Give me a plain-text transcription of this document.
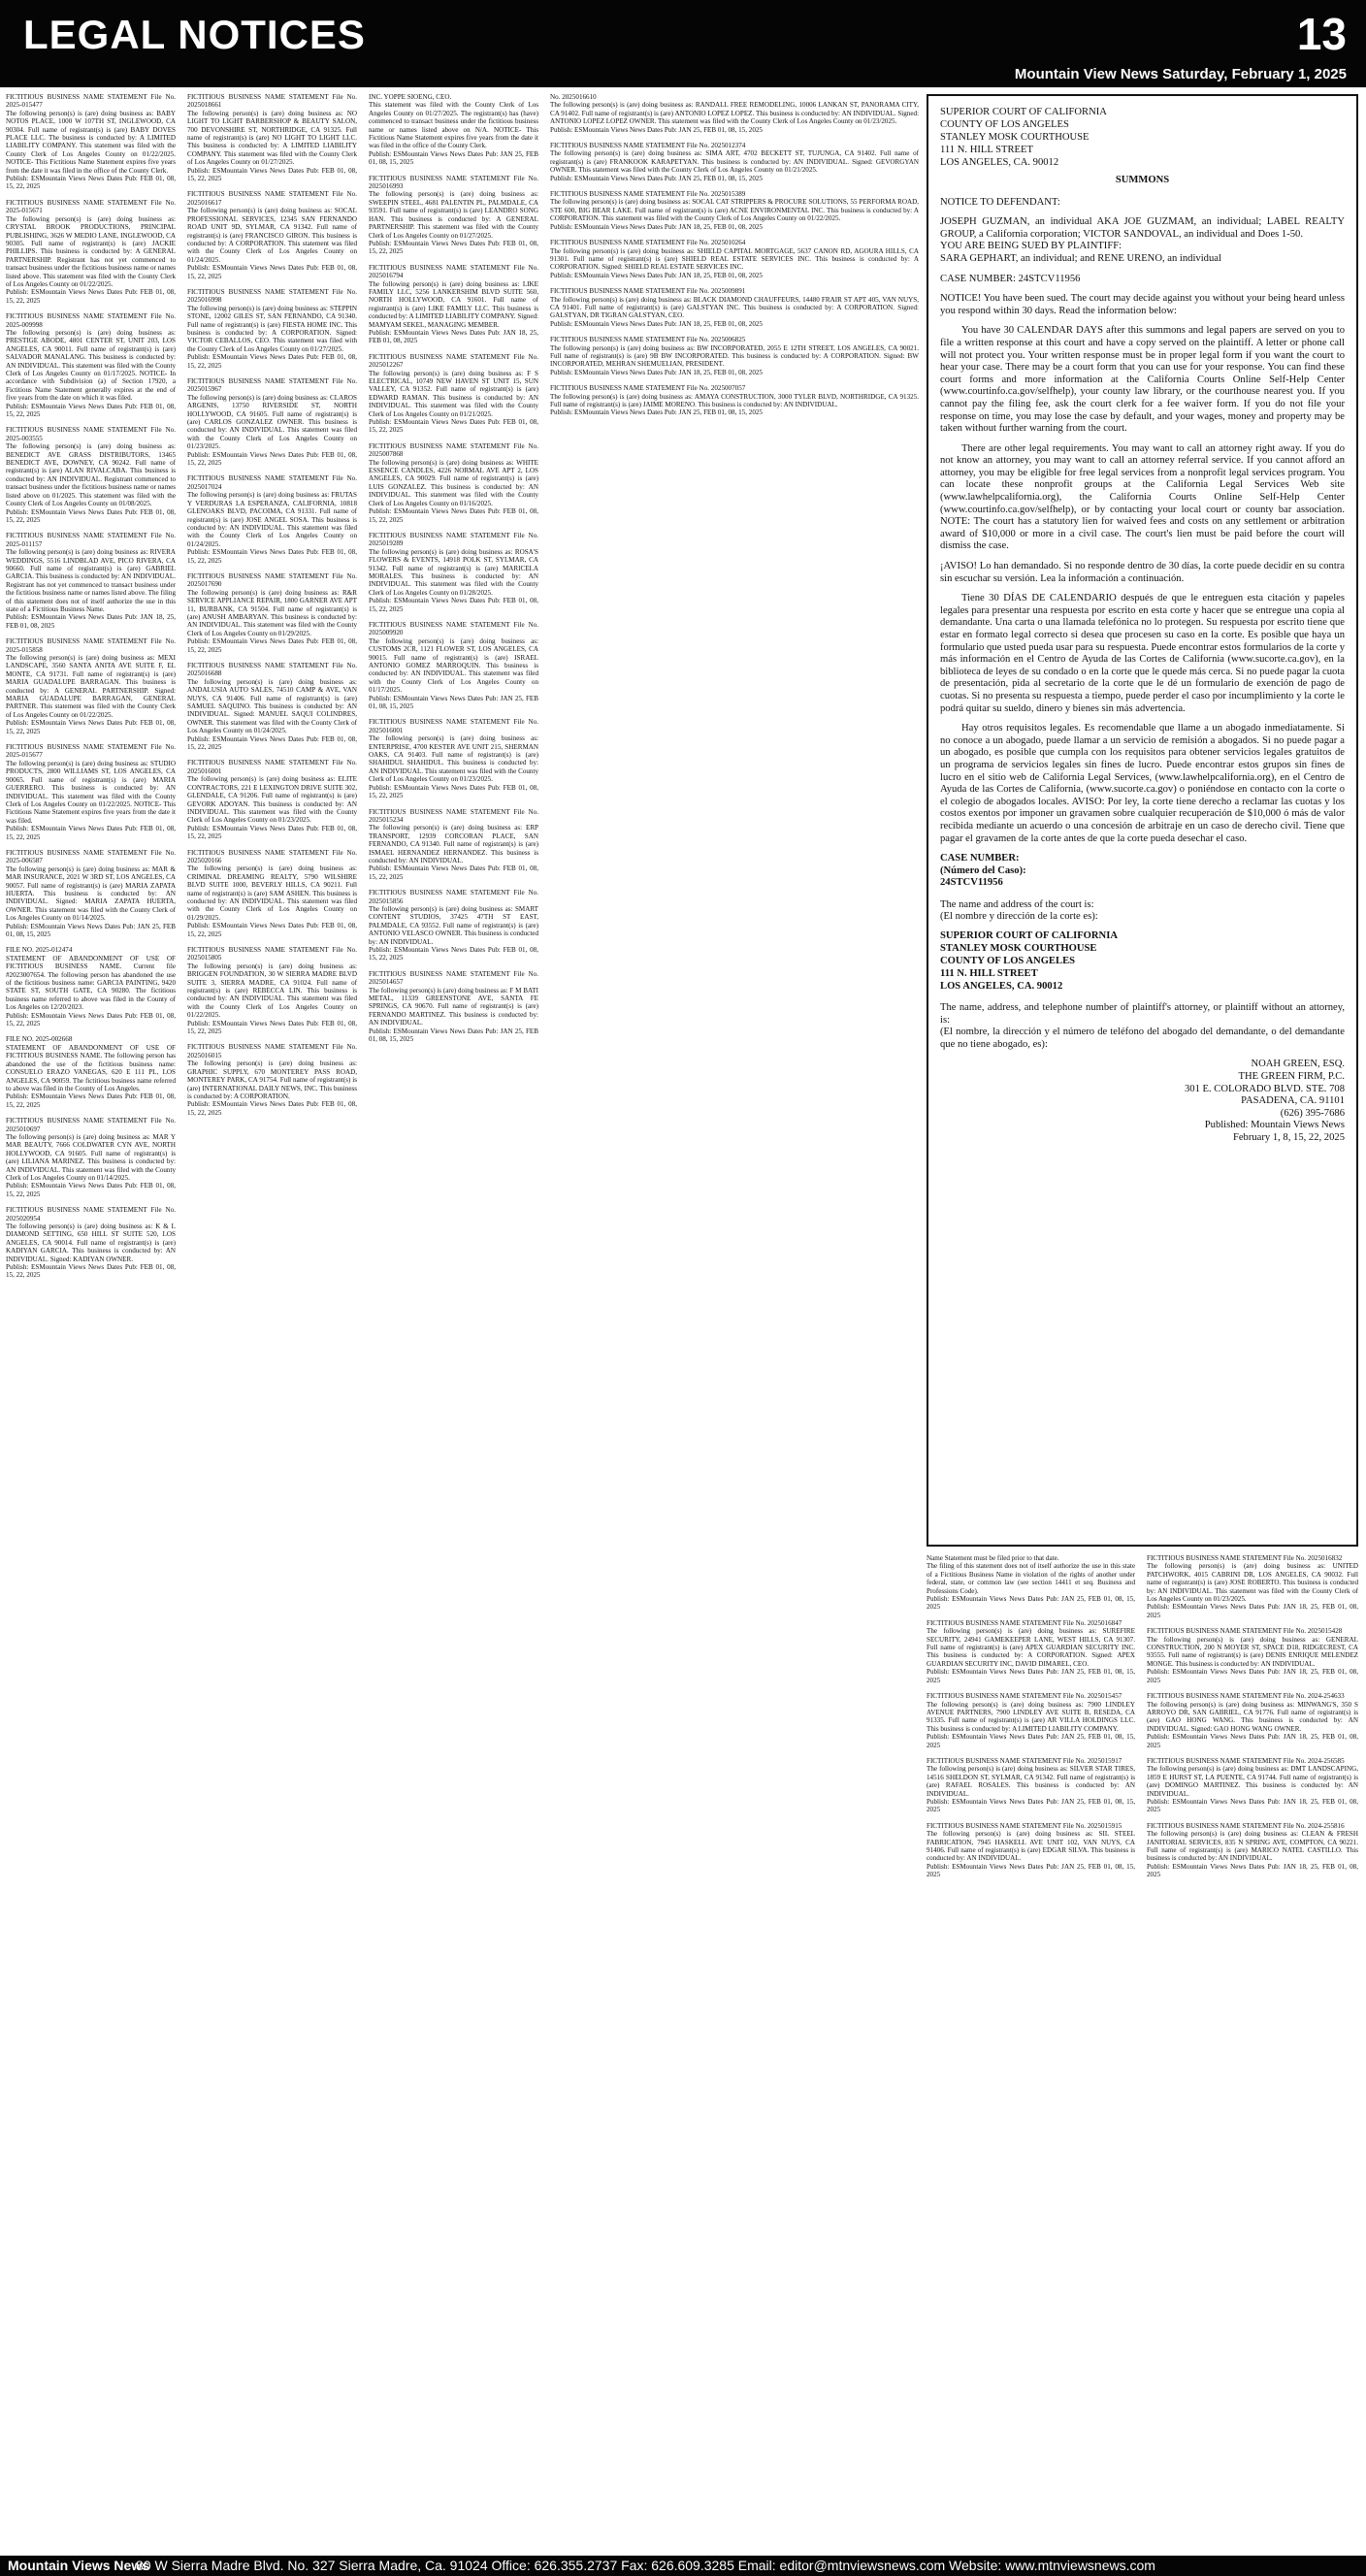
LEGAL NOTICES	13
Mountain View News Saturday, February 1, 2025
FICTITIOUS BUSINESS NAME STATEMENT File No. 2025-015477
The following person(s) is (are) doing business as: BABY NOTOS PLACE, 1000 W 107TH ST, INGLEWOOD, CA 90304. Full name of registrant(s) is (are) BABY DOVES PLACE LLC. The business is conducted by: A LIMITED LIABILITY COMPANY. This statement was filed with the County Clerk of Los Angeles County on 01/22/2025. NOTICE- This Fictitious Name Statement expires five years from the date it was filed in the office of the County Clerk.
Publish: ESMountain Views News Dates Pub: FEB 01, 08, 15, 22, 2025
FICTITIOUS BUSINESS NAME STATEMENT File No. 2025-015671
The following person(s) is (are) doing business as: CRYSTAL BROOK PRODUCTIONS, PRINCIPAL PUBLISHING, 3626 W MEDIO LANE, INGLEWOOD, CA 90305. Full name of registrant(s) is (are) JACKIE PHILLIPS. This business is conducted by: A GENERAL PARTNERSHIP. Registrant has not yet commenced to transact business under the fictitious business name or names listed above. This statement was filed with the County Clerk of Los Angeles County on 01/22/2025.
Publish: ESMountain Views News Dates Pub: FEB 01, 08, 15, 22, 2025
FICTITIOUS BUSINESS NAME STATEMENT File No. 2025-009998
The following person(s) is (are) doing business as: PRESTIGE ABODE, 4801 CENTER ST, UNIT 203, LOS ANGELES, CA 90011. Full name of registrant(s) is (are) SALVADOR MANALANG. This business is conducted by: AN INDIVIDUAL. This statement was filed with the County Clerk of Los Angeles County on 01/17/2025. NOTICE- In accordance with Subdivision (a) of Section 17920, a Fictitious Name Statement generally expires at the end of five years from the date on which it was filed.
Publish: ESMountain Views News Dates Pub: FEB 01, 08, 15, 22, 2025
FICTITIOUS BUSINESS NAME STATEMENT File No. 2025-003555
The following person(s) is (are) doing business as: BENEDICT AVE GRASS DISTRIBUTORS, 13465 BENEDICT AVE, DOWNEY, CA 90242. Full name of registrant(s) is (are) ALAN RIVALCABA. This business is conducted by: AN INDIVIDUAL. Registrant commenced to transact business under the fictitious business name or names listed above on 01/2025. This statement was filed with the County Clerk of Los Angeles County on 01/08/2025.
Publish: ESMountain Views News Dates Pub: FEB 01, 08, 15, 22, 2025
FICTITIOUS BUSINESS NAME STATEMENT File No. 2025-011157
The following person(s) is (are) doing business as: RIVERA WEDDINGS, 5516 LINDBLAD AVE, PICO RIVERA, CA 90660. Full name of registrant(s) is (are) GABRIEL GARCIA. This business is conducted by: AN INDIVIDUAL. Registrant has not yet commenced to transact business under the fictitious business name or names listed above. The filing of this statement does not of itself authorize the use in this state of a Fictitious Business Name.
Publish: ESMountain Views News Dates Pub: JAN 18, 25, FEB 01, 08, 2025
FICTITIOUS BUSINESS NAME STATEMENT File No. 2025-015858
The following person(s) is (are) doing business as: MEXI LANDSCAPE, 3560 SANTA ANITA AVE SUITE F, EL MONTE, CA 91731. Full name of registrant(s) is (are) MARIA GUADALUPE BARRAGAN. This business is conducted by: A GENERAL PARTNERSHIP. Signed: MARIA GUADALUPE BARRAGAN, GENERAL PARTNER. This statement was filed with the County Clerk of Los Angeles County on 01/22/2025.
Publish: ESMountain Views News Dates Pub: FEB 01, 08, 15, 22, 2025
FICTITIOUS BUSINESS NAME STATEMENT File No. 2025-015677
The following person(s) is (are) doing business as: STUDIO PRODUCTS, 2800 WILLIAMS ST, LOS ANGELES, CA 90065. Full name of registrant(s) is (are) MARIA GUERRERO. This business is conducted by: AN INDIVIDUAL. This statement was filed with the County Clerk of Los Angeles County on 01/22/2025. NOTICE- This Fictitious Name Statement expires five years from the date it was filed.
Publish: ESMountain Views News Dates Pub: FEB 01, 08, 15, 22, 2025
FICTITIOUS BUSINESS NAME STATEMENT File No. 2025-006587
The following person(s) is (are) doing business as: MAR & MAR INSURANCE, 2021 W 3RD ST, LOS ANGELES, CA 90057. Full name of registrant(s) is (are) MARIA ZAPATA HUERTA. This business is conducted by: AN INDIVIDUAL. Signed: MARIA ZAPATA HUERTA, OWNER. This statement was filed with the County Clerk of Los Angeles County on 01/14/2025.
Publish: ESMountain Views News Dates Pub: JAN 25, FEB 01, 08, 15, 2025
FILE NO. 2025-012474
STATEMENT OF ABANDONMENT OF USE OF FICTITIOUS BUSINESS NAME. Current file #2023007654. The following person has abandoned the use of the fictitious business name: GARCIA PAINTING, 9420 STATE ST, SOUTH GATE, CA 90280. The fictitious business name referred to above was filed in the County of Los Angeles on 12/20/2023.
Publish: ESMountain Views News Dates Pub: FEB 01, 08, 15, 22, 2025
FILE NO. 2025-002668
STATEMENT OF ABANDONMENT OF USE OF FICTITIOUS BUSINESS NAME. The following person has abandoned the use of the fictitious business name: CONSUELO ERAZO VANEGAS, 620 E 111 PL, LOS ANGELES, CA 90059. The fictitious business name referred to above was filed in the County of Los Angeles.
Publish: ESMountain Views News Dates Pub: FEB 01, 08, 15, 22, 2025
FICTITIOUS BUSINESS NAME STATEMENT File No. 2025010697
The following person(s) is (are) doing business as: MAR Y MAR BEAUTY, 7666 COLDWATER CYN AVE, NORTH HOLLYWOOD, CA 91605. Full name of registrant(s) is (are) LILIANA MARINEZ. This business is conducted by: AN INDIVIDUAL. This statement was filed with the County Clerk of Los Angeles County on 01/14/2025.
Publish: ESMountain Views News Dates Pub: FEB 01, 08, 15, 22, 2025
FICTITIOUS BUSINESS NAME STATEMENT File No. 2025020954
The following person(s) is (are) doing business as: K & L DIAMOND SETTING, 650 HILL ST SUITE 520, LOS ANGELES, CA 90014. Full name of registrant(s) is (are) KADIYAN GARCIA. This business is conducted by: AN INDIVIDUAL. Signed: KADIYAN OWNER.
Publish: ESMountain Views News Dates Pub: FEB 01, 08, 15, 22, 2025
FICTITIOUS BUSINESS NAME STATEMENT File No. 2025018661
The following person(s) is (are) doing business as: NO LIGHT TO LIGHT BARBERSHOP & BEAUTY SALON, 700 DEVONSHIRE ST, NORTHRIDGE, CA 91325. Full name of registrant(s) is (are) NO LIGHT TO LIGHT LLC. This business is conducted by: A LIMITED LIABILITY COMPANY. This statement was filed with the County Clerk of Los Angeles County on 01/27/2025.
Publish: ESMountain Views News Dates Pub: FEB 01, 08, 15, 22, 2025
FICTITIOUS BUSINESS NAME STATEMENT File No. 2025016617
The following person(s) is (are) doing business as: SOCAL PROFESSIONAL SERVICES, 12345 SAN FERNANDO ROAD UNIT 9D, SYLMAR, CA 91342. Full name of registrant(s) is (are) FRANCISCO GIRON. This business is conducted by: A CORPORATION. This statement was filed with the County Clerk of Los Angeles County on 01/24/2025.
Publish: ESMountain Views News Dates Pub: FEB 01, 08, 15, 22, 2025
FICTITIOUS BUSINESS NAME STATEMENT File No. 2025016998
The following person(s) is (are) doing business as: STEPPIN STONE, 12002 GILES ST, SAN FERNANDO, CA 91340. Full name of registrant(s) is (are) FIESTA HOME INC. This business is conducted by: A CORPORATION. Signed: VICTOR CEBALLOS, CEO. This statement was filed with the County Clerk of Los Angeles County on 01/27/2025.
Publish: ESMountain Views News Dates Pub: FEB 01, 08, 15, 22, 2025
FICTITIOUS BUSINESS NAME STATEMENT File No. 2025015967
The following person(s) is (are) doing business as: CLAROS ARGENIS, 13750 RIVERSIDE ST, NORTH HOLLYWOOD, CA 91605. Full name of registrant(s) is (are) CARLOS GONZALEZ OWNER. This business is conducted by: AN INDIVIDUAL. This statement was filed with the County Clerk of Los Angeles County on 01/23/2025.
Publish: ESMountain Views News Dates Pub: FEB 01, 08, 15, 22, 2025
FICTITIOUS BUSINESS NAME STATEMENT File No. 2025017024
The following person(s) is (are) doing business as: FRUTAS Y VERDURAS LA ESPERANZA, CALIFORNIA, 10818 GLENOAKS BLVD, PACOIMA, CA 91331. Full name of registrant(s) is (are) JOSE ANGEL SOSA. This business is conducted by: AN INDIVIDUAL. This statement was filed with the County Clerk of Los Angeles County on 01/24/2025.
Publish: ESMountain Views News Dates Pub: FEB 01, 08, 15, 22, 2025
FICTITIOUS BUSINESS NAME STATEMENT File No. 2025017690
The following person(s) is (are) doing business as: R&R SERVICE APPLIANCE REPAIR, 1800 GARNER AVE APT 11, BURBANK, CA 91504. Full name of registrant(s) is (are) ANUSH AMBARYAN. This business is conducted by: AN INDIVIDUAL. This statement was filed with the County Clerk of Los Angeles County on 01/29/2025.
Publish: ESMountain Views News Dates Pub: FEB 01, 08, 15, 22, 2025
FICTITIOUS BUSINESS NAME STATEMENT File No. 2025016688
The following person(s) is (are) doing business as: ANDALUSIA AUTO SALES, 74510 CAMP & AVE, VAN NUYS, CA 91406. Full name of registrant(s) is (are) SAMUEL SAQUINO. This business is conducted by: AN INDIVIDUAL. Signed: MANUEL SAQUI COLINDRES, OWNER. This statement was filed with the County Clerk of Los Angeles County on 01/24/2025.
Publish: ESMountain Views News Dates Pub: FEB 01, 08, 15, 22, 2025
FICTITIOUS BUSINESS NAME STATEMENT File No. 2025016001
The following person(s) is (are) doing business as: ELITE CONTRACTORS, 221 E LEXINGTON DRIVE SUITE 302, GLENDALE, CA 91206. Full name of registrant(s) is (are) GEVORK ADOYAN. This business is conducted by: AN INDIVIDUAL. This statement was filed with the County Clerk of Los Angeles County on 01/23/2025.
Publish: ESMountain Views News Dates Pub: FEB 01, 08, 15, 22, 2025
FICTITIOUS BUSINESS NAME STATEMENT File No. 2025020166
The following person(s) is (are) doing business as: CRIMINAL DREAMING REALTY, 5790 WILSHIRE BLVD SUITE 1000, BEVERLY HILLS, CA 90211. Full name of registrant(s) is (are) SAM ASHEN. This business is conducted by: AN INDIVIDUAL. This statement was filed with the County Clerk of Los Angeles County on 01/29/2025.
Publish: ESMountain Views News Dates Pub: FEB 01, 08, 15, 22, 2025
FICTITIOUS BUSINESS NAME STATEMENT File No. 2025015805
The following person(s) is (are) doing business as: BRIGGEN FOUNDATION, 30 W SIERRA MADRE BLVD SUITE 3, SIERRA MADRE, CA 91024. Full name of registrant(s) is (are) REBECCA LIN. This business is conducted by: AN INDIVIDUAL. This statement was filed with the County Clerk of Los Angeles County on 01/22/2025.
Publish: ESMountain Views News Dates Pub: FEB 01, 08, 15, 22, 2025
FICTITIOUS BUSINESS NAME STATEMENT File No. 2025016015
The following person(s) is (are) doing business as: GRAPHIC SUPPLY, 670 MONTEREY PASS ROAD, MONTEREY PARK, CA 91754. Full name of registrant(s) is (are) INTERNATIONAL DAILY NEWS, INC. This business is conducted by: A CORPORATION.
Publish: ESMountain Views News Dates Pub: FEB 01, 08, 15, 22, 2025
INC. YOPPE SIOENG, CEO.
This statement was filed with the County Clerk of Los Angeles County on 01/27/2025. The registrant(s) has (have) commenced to transact business under the fictitious business name or names listed above on N/A. NOTICE- This Fictitious Name Statement expires five years from the date it was filed in the office of the County Clerk.
Publish: ESMountain Views News Dates Pub: JAN 25, FEB 01, 08, 15, 2025
FICTITIOUS BUSINESS NAME STATEMENT File No. 2025016993
The following person(s) is (are) doing business as: SWEEPIN STEEL, 4681 PALENTIN PL, PALMDALE, CA 93591. Full name of registrant(s) is (are) LEANDRO SONG HAN. This business is conducted by: A GENERAL PARTNERSHIP. This statement was filed with the County Clerk of Los Angeles County on 01/27/2025.
Publish: ESMountain Views News Dates Pub: FEB 01, 08, 15, 22, 2025
FICTITIOUS BUSINESS NAME STATEMENT File No. 2025016794
The following person(s) is (are) doing business as: LIKE FAMILY LLC, 5256 LANKERSHIM BLVD SUITE 560, NORTH HOLLYWOOD, CA 91601. Full name of registrant(s) is (are) LIKE FAMILY LLC. This business is conducted by: A LIMITED LIABILITY COMPANY. Signed: MAMYAM SEKEL, MANAGING MEMBER.
Publish: ESMountain Views News Dates Pub: JAN 18, 25, FEB 01, 08, 2025
FICTITIOUS BUSINESS NAME STATEMENT File No. 2025012267
The following person(s) is (are) doing business as: F S ELECTRICAL, 10749 NEW HAVEN ST UNIT 15, SUN VALLEY, CA 91352. Full name of registrant(s) is (are) EDWARD RAMAN. This business is conducted by: AN INDIVIDUAL. This statement was filed with the County Clerk of Los Angeles County on 01/21/2025.
Publish: ESMountain Views News Dates Pub: FEB 01, 08, 15, 22, 2025
FICTITIOUS BUSINESS NAME STATEMENT File No. 2025007868
The following person(s) is (are) doing business as: WHITE ESSENCE CANDLES, 4226 NORMAL AVE APT 2, LOS ANGELES, CA 90029. Full name of registrant(s) is (are) LUIS GONZALEZ. This business is conducted by: AN INDIVIDUAL. This statement was filed with the County Clerk of Los Angeles County on 01/16/2025.
Publish: ESMountain Views News Dates Pub: FEB 01, 08, 15, 22, 2025
FICTITIOUS BUSINESS NAME STATEMENT File No. 2025019289
The following person(s) is (are) doing business as: ROSA'S FLOWERS & EVENTS, 14918 POLK ST, SYLMAR, CA 91342. Full name of registrant(s) is (are) MARICELA MORALES. This business is conducted by: AN INDIVIDUAL. This statement was filed with the County Clerk of Los Angeles County on 01/28/2025.
Publish: ESMountain Views News Dates Pub: FEB 01, 08, 15, 22, 2025
FICTITIOUS BUSINESS NAME STATEMENT File No. 2025009920
The following person(s) is (are) doing business as: CUSTOMS 2CR, 1121 FLOWER ST, LOS ANGELES, CA 90015. Full name of registrant(s) is (are) ISRAEL ANTONIO GOMEZ MARROQUIN. This business is conducted by: AN INDIVIDUAL. This statement was filed with the County Clerk of Los Angeles County on 01/17/2025.
Publish: ESMountain Views News Dates Pub: JAN 25, FEB 01, 08, 15, 2025
FICTITIOUS BUSINESS NAME STATEMENT File No. 2025016001
The following person(s) is (are) doing business as: ENTERPRISE, 4700 KESTER AVE UNIT 215, SHERMAN OAKS, CA 91403. Full name of registrant(s) is (are) SHAHIDUL SHAHIDUL. This business is conducted by: AN INDIVIDUAL. This statement was filed with the County Clerk of Los Angeles County on 01/23/2025.
Publish: ESMountain Views News Dates Pub: FEB 01, 08, 15, 22, 2025
FICTITIOUS BUSINESS NAME STATEMENT File No. 2025015234
The following person(s) is (are) doing business as: ERP TRANSPORT, 12939 CORCORAN PLACE, SAN FERNANDO, CA 91340. Full name of registrant(s) is (are) ISMAEL HERNANDEZ HERNANDEZ. This business is conducted by: AN INDIVIDUAL.
Publish: ESMountain Views News Dates Pub: FEB 01, 08, 15, 22, 2025
FICTITIOUS BUSINESS NAME STATEMENT File No. 2025015856
The following person(s) is (are) doing business as: SMART CONTENT STUDIOS, 37425 47TH ST EAST, PALMDALE, CA 93552. Full name of registrant(s) is (are) ANTONIO VELASCO OWNER. This business is conducted by: AN INDIVIDUAL.
Publish: ESMountain Views News Dates Pub: FEB 01, 08, 15, 22, 2025
FICTITIOUS BUSINESS NAME STATEMENT File No. 2025014657
The following person(s) is (are) doing business as: F M BATI METAL, 11339 GREENSTONE AVE, SANTA FE SPRINGS, CA 90670. Full name of registrant(s) is (are) FERNANDO MARTINEZ. This business is conducted by: AN INDIVIDUAL.
Publish: ESMountain Views News Dates Pub: JAN 25, FEB 01, 08, 15, 2025
No. 2025016610
The following person(s) is (are) doing business as: RANDALL FREE REMODELING, 10006 LANKAN ST, PANORAMA CITY, CA 91402. Full name of registrant(s) is (are) ANTONIO LOPEZ LOPEZ. This business is conducted by: AN INDIVIDUAL. Signed: ANTONIO LOPEZ LOPEZ OWNER. This statement was filed with the County Clerk of Los Angeles County on 01/23/2025.
Publish: ESMountain Views News Dates Pub: JAN 25, FEB 01, 08, 15, 2025
FICTITIOUS BUSINESS NAME STATEMENT File No. 2025012374
The following person(s) is (are) doing business as: SIMA ART, 4702 BECKETT ST, TUJUNGA, CA 91402. Full name of registrant(s) is (are) FRANKOOK KARAPETYAN. This business is conducted by: AN INDIVIDUAL. Signed: GEVORGYAN OWNER. This statement was filed with the County Clerk of Los Angeles County on 01/21/2025.
Publish: ESMountain Views News Dates Pub: JAN 25, FEB 01, 08, 15, 2025
FICTITIOUS BUSINESS NAME STATEMENT File No. 2025015389
The following person(s) is (are) doing business as: SOCAL CAT STRIPPERS & PROCURE SOLUTIONS, 55 PERFORMA ROAD, STE 600, BIG BEAR LAKE. Full name of registrant(s) is (are) ACNE ENVIRONMENTAL INC. This business is conducted by: A CORPORATION. This statement was filed with the County Clerk of Los Angeles County on 01/22/2025.
Publish: ESMountain Views News Dates Pub: JAN 18, 25, FEB 01, 08, 2025
FICTITIOUS BUSINESS NAME STATEMENT File No. 2025010264
The following person(s) is (are) doing business as: SHIELD CAPITAL MORTGAGE, 5637 CANON RD, AGOURA HILLS, CA 91301. Full name of registrant(s) is (are) SHIELD REAL ESTATE SERVICES INC. This business is conducted by: A CORPORATION. Signed: SHIELD REAL ESTATE SERVICES INC.
Publish: ESMountain Views News Dates Pub: JAN 18, 25, FEB 01, 08, 2025
FICTITIOUS BUSINESS NAME STATEMENT File No. 2025009891
The following person(s) is (are) doing business as: BLACK DIAMOND CHAUFFEURS, 14480 FRAIR ST APT 405, VAN NUYS, CA 91401. Full name of registrant(s) is (are) GALSTYAN INC. This business is conducted by: A CORPORATION. Signed: GALSTYAN, DR TIGRAN GALSTYAN, CEO.
Publish: ESMountain Views News Dates Pub: JAN 18, 25, FEB 01, 08, 2025
FICTITIOUS BUSINESS NAME STATEMENT File No. 2025006825
The following person(s) is (are) doing business as: BW INCORPORATED, 2055 E 12TH STREET, LOS ANGELES, CA 90021. Full name of registrant(s) is (are) 9B BW INCORPORATED. This business is conducted by: A CORPORATION. Signed: BW INCORPORATED, MEHRAN SHEMUELIAN, PRESIDENT.
Publish: ESMountain Views News Dates Pub: JAN 18, 25, FEB 01, 08, 2025
FICTITIOUS BUSINESS NAME STATEMENT File No. 2025007057
The following person(s) is (are) doing business as: AMAYA CONSTRUCTION, 3000 TYLER BLVD, NORTHRIDGE, CA 91325. Full name of registrant(s) is (are) JAIME MORENO. This business is conducted by: AN INDIVIDUAL.
Publish: ESMountain Views News Dates Pub: JAN 25, FEB 01, 08, 15, 2025
Name Statement must be filed prior to that date.
The filing of this statement does not of itself authorize the use in this state of a Fictitious Business Name in violation of the rights of another under federal, state, or common law (see section 14411 et seq. Business and Professions Code).
Publish: ESMountain Views News Dates Pub: JAN 25, FEB 01, 08, 15, 2025
FICTITIOUS BUSINESS NAME STATEMENT File No. 2025016847
The following person(s) is (are) doing business as: SUREFIRE SECURITY, 24941 GAMEKEEPER LANE, WEST HILLS, CA 91307. Full name of registrant(s) is (are) APEX GUARDIAN SECURITY INC. This business is conducted by: A CORPORATION. Signed: APEX GUARDIAN SECURITY INC, DAVID DIMAREL, CEO.
Publish: ESMountain Views News Dates Pub: JAN 25, FEB 01, 08, 15, 2025
FICTITIOUS BUSINESS NAME STATEMENT File No. 2025015457
The following person(s) is (are) doing business as: 7900 LINDLEY AVENUE PARTNERS, 7900 LINDLEY AVE SUITE B, RESEDA, CA 91335. Full name of registrant(s) is (are) AR VILLA HOLDINGS LLC. This business is conducted by: A LIMITED LIABILITY COMPANY.
Publish: ESMountain Views News Dates Pub: JAN 25, FEB 01, 08, 15, 2025
FICTITIOUS BUSINESS NAME STATEMENT File No. 2025015917
The following person(s) is (are) doing business as: SILVER STAR TIRES, 14516 SHELDON ST, SYLMAR, CA 91342. Full name of registrant(s) is (are) RAFAEL ROSALES. This business is conducted by: AN INDIVIDUAL.
Publish: ESMountain Views News Dates Pub: JAN 25, FEB 01, 08, 15, 2025
FICTITIOUS BUSINESS NAME STATEMENT File No. 2025015915
The following person(s) is (are) doing business as: SIL STEEL FABRICATION, 7945 HASKELL AVE UNIT 102, VAN NUYS, CA 91406. Full name of registrant(s) is (are) EDGAR SILVA. This business is conducted by: AN INDIVIDUAL.
Publish: ESMountain Views News Dates Pub: JAN 25, FEB 01, 08, 15, 2025
FICTITIOUS BUSINESS NAME STATEMENT File No. 2025016832
The following person(s) is (are) doing business as: UNITED PATCHWORK, 4015 CABRINI DR, LOS ANGELES, CA 90032. Full name of registrant(s) is (are) JOSE ROBERTO. This business is conducted by: AN INDIVIDUAL. This statement was filed with the County Clerk of Los Angeles County on 01/23/2025.
Publish: ESMountain Views News Dates Pub: JAN 18, 25, FEB 01, 08, 2025
FICTITIOUS BUSINESS NAME STATEMENT File No. 2025015428
The following person(s) is (are) doing business as: GENERAL CONSTRUCTION, 200 N MOYER ST, SPACE D18, RIDGECREST, CA 93555. Full name of registrant(s) is (are) DENIS ENRIQUE MELENDEZ MONGE. This business is conducted by: AN INDIVIDUAL.
Publish: ESMountain Views News Dates Pub: JAN 18, 25, FEB 01, 08, 2025
FICTITIOUS BUSINESS NAME STATEMENT File No. 2024-254633
The following person(s) is (are) doing business as: MINWANG'S, 350 S ARROYO DR, SAN GABRIEL, CA 91776. Full name of registrant(s) is (are) GAO HONG WANG. This business is conducted by: AN INDIVIDUAL. Signed: GAO HONG WANG OWNER.
Publish: ESMountain Views News Dates Pub: JAN 18, 25, FEB 01, 08, 2025
FICTITIOUS BUSINESS NAME STATEMENT File No. 2024-256585
The following person(s) is (are) doing business as: DMT LANDSCAPING, 1859 E HURST ST, LA PUENTE, CA 91744. Full name of registrant(s) is (are) DOMINGO MARTINEZ. This business is conducted by: AN INDIVIDUAL.
Publish: ESMountain Views News Dates Pub: JAN 18, 25, FEB 01, 08, 2025
FICTITIOUS BUSINESS NAME STATEMENT File No. 2024-255816
The following person(s) is (are) doing business as: CLEAN & FRESH JANITORIAL SERVICES, 835 N SPRING AVE, COMPTON, CA 90221. Full name of registrant(s) is (are) MARICO NATEL CASTILLO. This business is conducted by: AN INDIVIDUAL.
Publish: ESMountain Views News Dates Pub: JAN 18, 25, FEB 01, 08, 2025
SUPERIOR COURT OF CALIFORNIA
COUNTY OF LOS ANGELES
STANLEY MOSK COURTHOUSE
111 N. HILL STREET
LOS ANGELES, CA. 90012
SUMMONS

NOTICE TO DEFENDANT:

JOSEPH GUZMAN, an individual AKA JOE GUZMAM, an individual; LABEL REALTY GROUP, a California corporation; VICTOR SANDOVAL, an individual and Does 1-50.

YOU ARE BEING SUED BY PLAINTIFF:

SARA GEPHART, an individual; and RENE URENO, an individual

CASE NUMBER: 24STCV11956

NOTICE! You have been sued. The court may decide against you without your being heard unless you respond within 30 days. Read the information below:

You have 30 CALENDAR DAYS after this summons and legal papers are served on you to file a written response at this court and have a copy served on the plaintiff. A letter or phone call will not protect you. Your written response must be in proper legal form if you want the court to hear your case. There may be a court form that you can use for your response. You can find these court forms and more information at the California Courts Online Self-Help Center (www.courtinfo.ca.gov/selfhelp), your county law library, or the courthouse nearest you. If you cannot pay the filing fee, ask the court clerk for a fee waiver form. If you do not file your response on time, you may lose the case by default, and your wages, money and property may be taken without further warning from the court.

There are other legal requirements. You may want to call an attorney right away. If you do not know an attorney, you may want to call an attorney referral service. If you cannot afford an attorney, you may be eligible for free legal services from a nonprofit legal services program. You can locate these nonprofit groups at the California Legal Services Web site (www.lawhelpcalifornia.org), the California Courts Online Self-Help Center (www.courtinfo.ca.gov/selfhelp), or by contacting your local court or county bar association. NOTE: The court has a statutory lien for waived fees and costs on any settlement or arbitration award of $10,000 or more in a civil case. The court's lien must be paid before the court will dismiss the case.

¡AVISO! Lo han demandado. Si no responde dentro de 30 días, la corte puede decidir en su contra sin escuchar su versión. Lea la información a continuación.

Tiene 30 DÍAS DE CALENDARIO después de que le entreguen esta citación y papeles legales para presentar una respuesta por escrito en esta corte y hacer que se entregue una copia al demandante. Una carta o una llamada telefónica no lo protegen. Su respuesta por escrito tiene que estar en formato legal correcto si desea que procesen su caso en la corte. Es posible que haya un formulario que usted pueda usar para su respuesta. Puede encontrar estos formularios de la corte y más información en el Centro de Ayuda de las Cortes de California (www.sucorte.ca.gov), en la biblioteca de leyes de su condado o en la corte que le quede más cerca. Si no puede pagar la cuota de presentación, pida al secretario de la corte que le dé un formulario de exención de pago de cuotas. Si no presenta su respuesta a tiempo, puede perder el caso por incumplimiento y la corte le podrá quitar su sueldo, dinero y bienes sin más advertencia.

Hay otros requisitos legales. Es recomendable que llame a un abogado inmediatamente. Si no conoce a un abogado, puede llamar a un servicio de remisión a abogados. Si no puede pagar a un abogado, es posible que cumpla con los requisitos para obtener servicios legales gratuitos de un programa de servicios legales sin fines de lucro. Puede encontrar estos grupos sin fines de lucro en el sitio web de California Legal Services, (www.lawhelpcalifornia.org), en el Centro de Ayuda de las Cortes de California, (www.sucorte.ca.gov) o poniéndose en contacto con la corte o el colegio de abogados locales. AVISO: Por ley, la corte tiene derecho a reclamar las cuotas y los costos exentos por imponer un gravamen sobre cualquier recuperación de $10,000 ó más de valor recibida mediante un acuerdo o una concesión de arbitraje en un caso de derecho civil. Tiene que pagar el gravamen de la corte antes de que la corte pueda desechar el caso.

CASE NUMBER:
(Número del Caso):
24STCV11956
The name and address of the court is:
(El nombre y dirección de la corte es):
SUPERIOR COURT OF CALIFORNIA
STANLEY MOSK COURTHOUSE
COUNTY OF LOS ANGELES
111 N. HILL STREET
LOS ANGELES, CA. 90012

The name, address, and telephone number of plaintiff's attorney, or plaintiff without an attorney, is:

(El nombre, la dirección y el número de teléfono del abogado del demandante, o del demandante que no tiene abogado, es):

NOAH GREEN, ESQ.
THE GREEN FIRM, P.C.
301 E. COLORADO BLVD. STE. 708
PASADENA, CA. 91101
(626) 395-7686
Published: Mountain Views News
February 1, 8, 15, 22, 2025
Mountain Views News
80 W Sierra Madre Blvd. No. 327 Sierra Madre, Ca. 91024 Office: 626.355.2737 Fax: 626.609.3285 Email: editor@mtnviewsnews.com Website: www.mtnviewsnews.com
